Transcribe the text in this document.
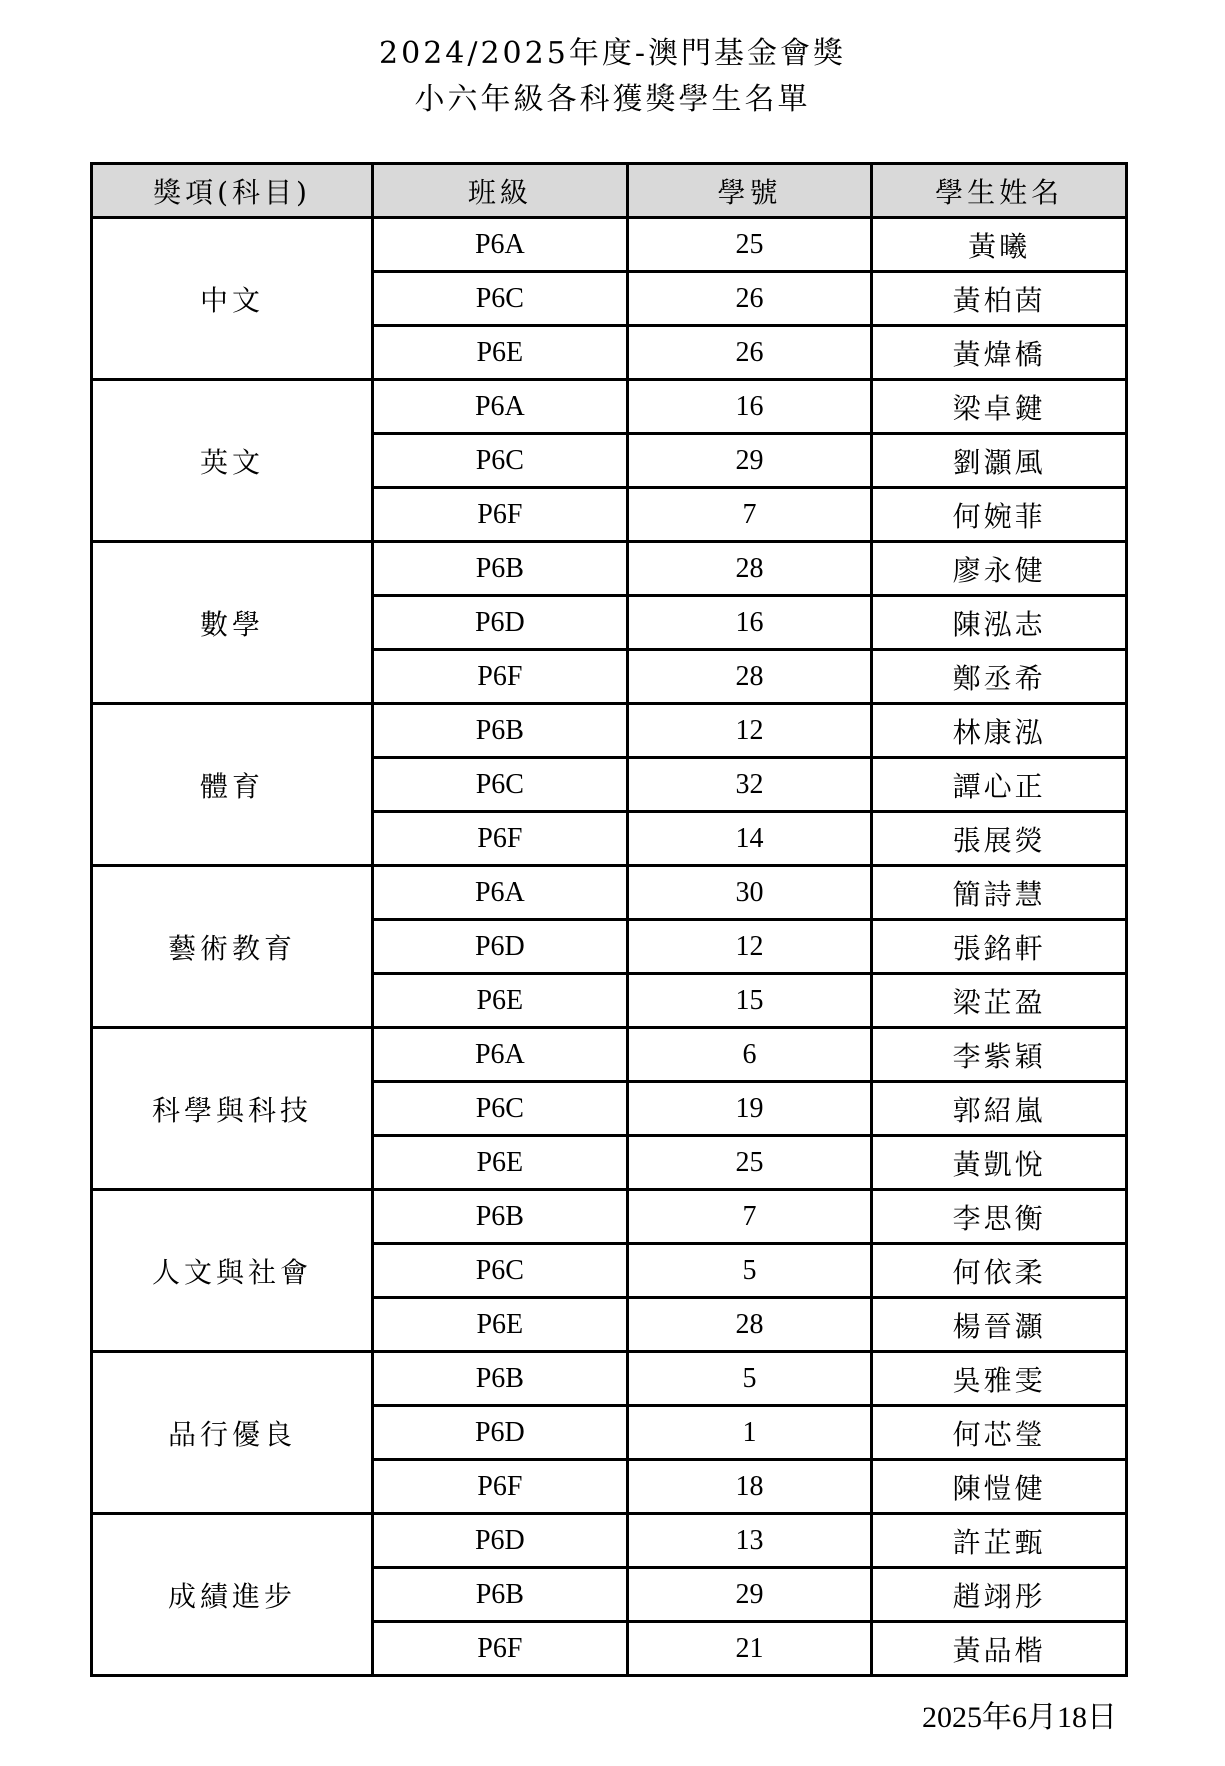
2024/2025年度-澳門基金會獎
小六年級各科獲獎學生名單
獎項(科目)	班級	學號	學生姓名
中文	P6A	25	黃曦
	P6C	26	黃柏茵
	P6E	26	黃煒橋
英文	P6A	16	梁卓鍵
	P6C	29	劉灝風
	P6F	7	何婉菲
數學	P6B	28	廖永健
	P6D	16	陳泓志
	P6F	28	鄭丞希
體育	P6B	12	林康泓
	P6C	32	譚心正
	P6F	14	張展熒
藝術教育	P6A	30	簡詩慧
	P6D	12	張銘軒
	P6E	15	梁芷盈
科學與科技	P6A	6	李紫穎
	P6C	19	郭紹嵐
	P6E	25	黃凱悅
人文與社會	P6B	7	李思衡
	P6C	5	何依柔
	P6E	28	楊晉灝
品行優良	P6B	5	吳雅雯
	P6D	1	何芯瑩
	P6F	18	陳愷健
成績進步	P6D	13	許芷甄
	P6B	29	趙翊彤
	P6F	21	黃品楷
2025年6月18日
